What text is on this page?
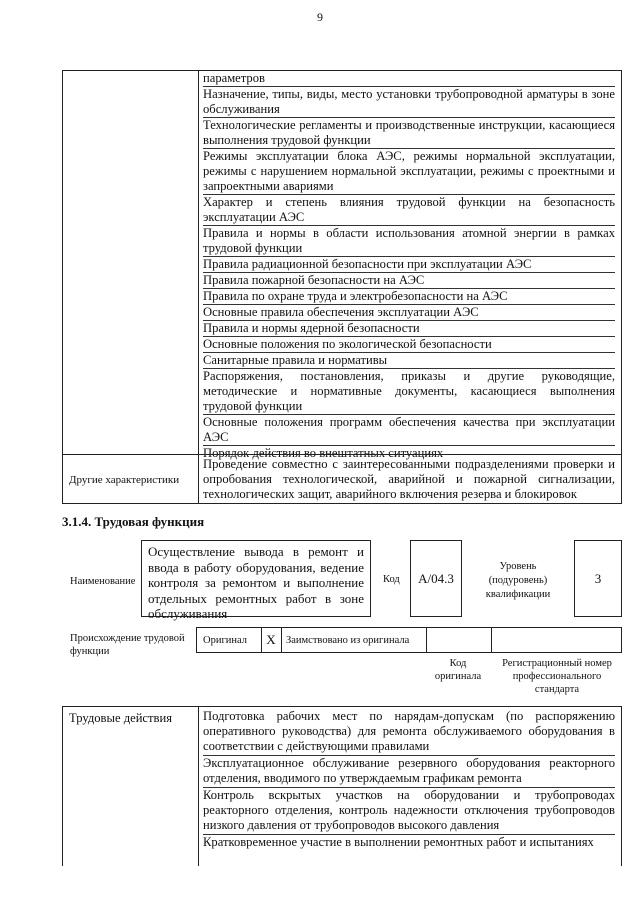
9
параметров
Назначение, типы, виды, место установки трубопроводной арматуры в зоне обслуживания
Технологические регламенты и производственные инструкции, касающиеся выполнения трудовой функции
Режимы эксплуатации блока АЭС, режимы нормальной эксплуатации, режимы с нарушением нормальной эксплуатации, режимы с проектными и запроектными авариями
Характер и степень влияния трудовой функции на безопасность эксплуатации АЭС
Правила и нормы в области использования атомной энергии в рамках трудовой функции
Правила радиационной безопасности при эксплуатации АЭС
Правила пожарной безопасности на АЭС
Правила по охране труда и электробезопасности на АЭС
Основные правила обеспечения эксплуатации АЭС
Правила и нормы ядерной безопасности
Основные положения по экологической безопасности
Санитарные правила и нормативы
Распоряжения, постановления, приказы и другие руководящие, методические и нормативные документы, касающиеся выполнения трудовой функции
Основные положения программ обеспечения качества при эксплуатации АЭС
Порядок действия во внештатных ситуациях
Другие характеристики
Проведение совместно с заинтересованными подразделениями проверки и опробования технологической, аварийной и пожарной сигнализации, технологических защит, аварийного включения резерва и блокировок
3.1.4. Трудовая функция
Наименование
Осуществление вывода в ремонт и ввода в работу оборудования, ведение контроля за ремонтом и выполнение отдельных ремонтных работ в зоне обслуживания
Код	A/04.3
Уровень (подуровень) квалификации
3
Происхождение трудовой функции
Оригинал X Заимствовано из оригинала
Код оригинала
Регистрационный номер профессионального стандарта
Трудовые действия Подготовка рабочих мест по нарядам-допускам (по распоряжению оперативного руководства) для ремонта обслуживаемого оборудования в соответствии с действующими правилами
Эксплуатационное обслуживание резервного оборудования реакторного отделения, вводимого по утверждаемым графикам ремонта
Контроль вскрытых участков на оборудовании и трубопроводах реакторного отделения, контроль надежности отключения трубопроводов низкого давления от трубопроводов высокого давления
Кратковременное участие в выполнении ремонтных работ и испытаниях
